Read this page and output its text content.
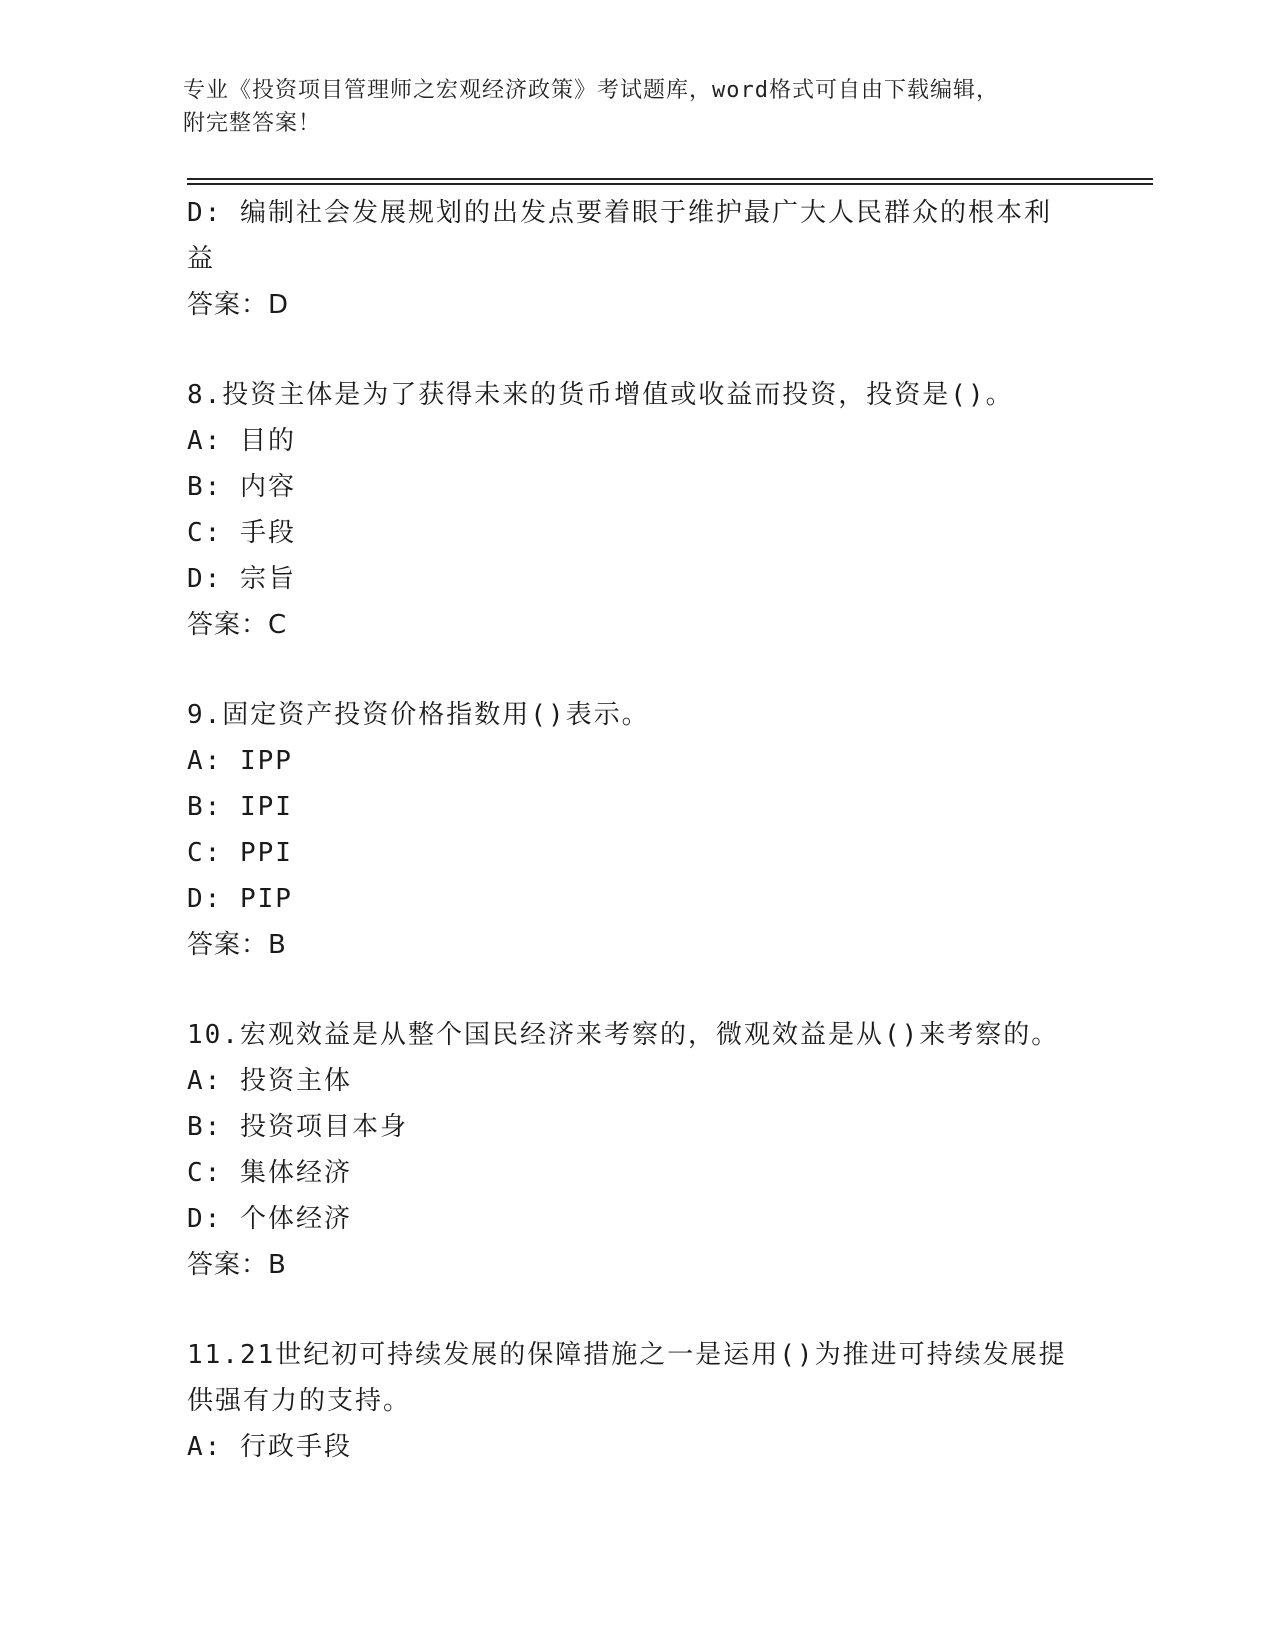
专业《投资项目管理师之宏观经济政策》考试题库，word格式可自由下载编辑，
附完整答案！
D: 编制社会发展规划的出发点要着眼于维护最广大人民群众的根本利
益
答案：D
8.投资主体是为了获得未来的货币增值或收益而投资，投资是()。
A: 目的
B: 内容
C: 手段
D: 宗旨
答案：C
9.固定资产投资价格指数用()表示。
A: IPP
B: IPI
C: PPI
D: PIP
答案：B
10.宏观效益是从整个国民经济来考察的，微观效益是从()来考察的。
A: 投资主体
B: 投资项目本身
C: 集体经济
D: 个体经济
答案：B
11.21世纪初可持续发展的保障措施之一是运用()为推进可持续发展提
供强有力的支持。
A: 行政手段
